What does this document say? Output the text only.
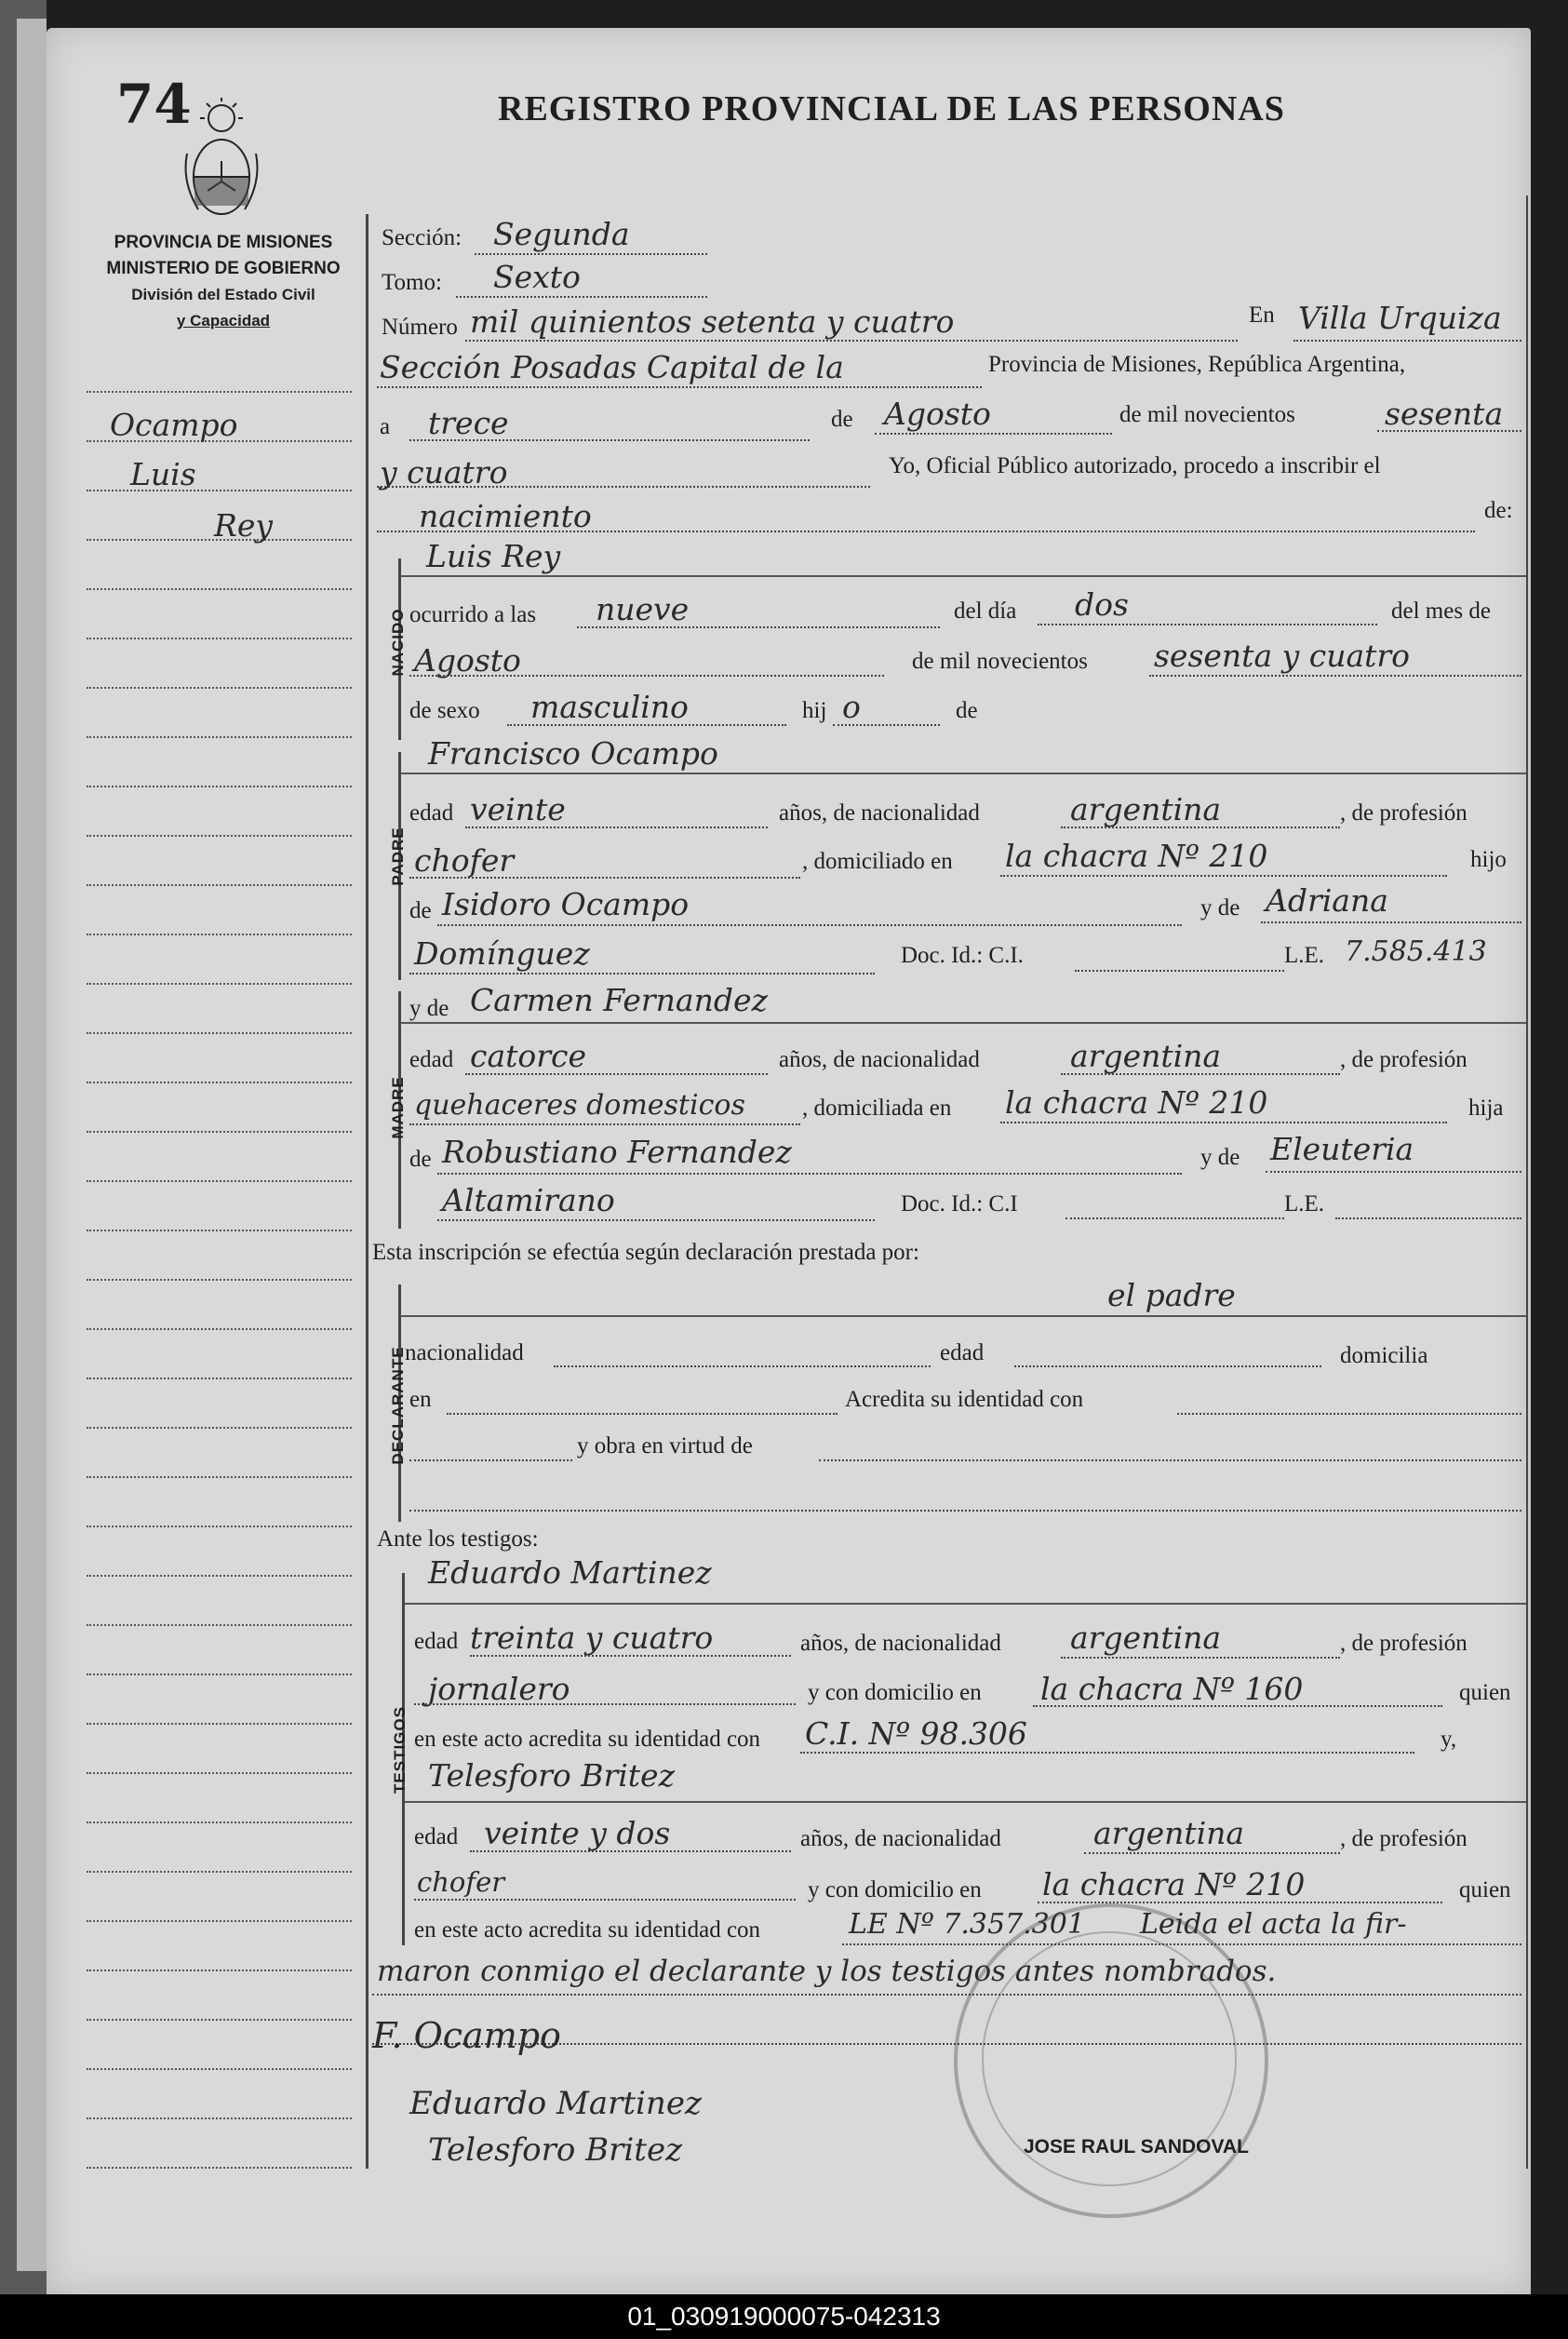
74	REGISTRO PROVINCIAL DE LAS PERSONAS
PROVINCIA DE MISIONES
MINISTERIO DE GOBIERNO
División del Estado Civil
y Capacidad
Ocampo
Luis
Rey
Sección: Segunda
Tomo: Sexto
Número mil quinientos setenta y cuatro	En Villa Urquiza
Sección Posadas Capital de la	Provincia de Misiones, República Argentina,
a trece	de Agosto	de mil novecientos	sesenta
y cuatro	Yo, Oficial Público autorizado, procedo a inscribir el
nacimiento	de:
NACIDO
Luis Rey
ocurrido a las nueve	del día dos	del mes de
Agosto	de mil novecientos sesenta y cuatro
de sexo masculino	hij o	de
PADRE
Francisco Ocampo
edad veinte	años, de nacionalidad	argentina	, de profesión
chofer	, domiciliado en la chacra Nº 210	hijo
de Isidoro Ocampo	y de Adriana
Domínguez	Doc. Id.: C.I.	L.E. 7.585.413
MADRE
y de Carmen Fernandez
edad catorce	años, de nacionalidad	argentina	, de profesión
quehaceres domesticos , domiciliada en la chacra Nº 210	hija
de Robustiano Fernandez	y de Eleuteria
Altamirano	Doc. Id.: C.I	L.E.
Esta inscripción se efectúa según declaración prestada por:
DECLARANTE
el padre
nacionalidad	edad	domicilia
en	Acredita su identidad con
y obra en virtud de
Ante los testigos:
TESTIGOS
Eduardo Martinez
edad treinta y cuatro	años, de nacionalidad argentina	, de profesión
jornalero	y con domicilio en la chacra Nº 160	quien
en este acto acredita su identidad con C.I. Nº 98.306	y,
Telesforo Britez
edad veinte y dos	años, de nacionalidad	argentina	, de profesión
chofer	y con domicilio en la chacra Nº 210	quien
en este acto acredita su identidad con	LE Nº 7.357.301 Leida el acta la fir-
maron conmigo el declarante y los testigos antes nombrados.
F. Ocampo
Eduardo Martinez
Telesforo Britez	JOSE RAUL SANDOVAL
01_030919000075-042313
